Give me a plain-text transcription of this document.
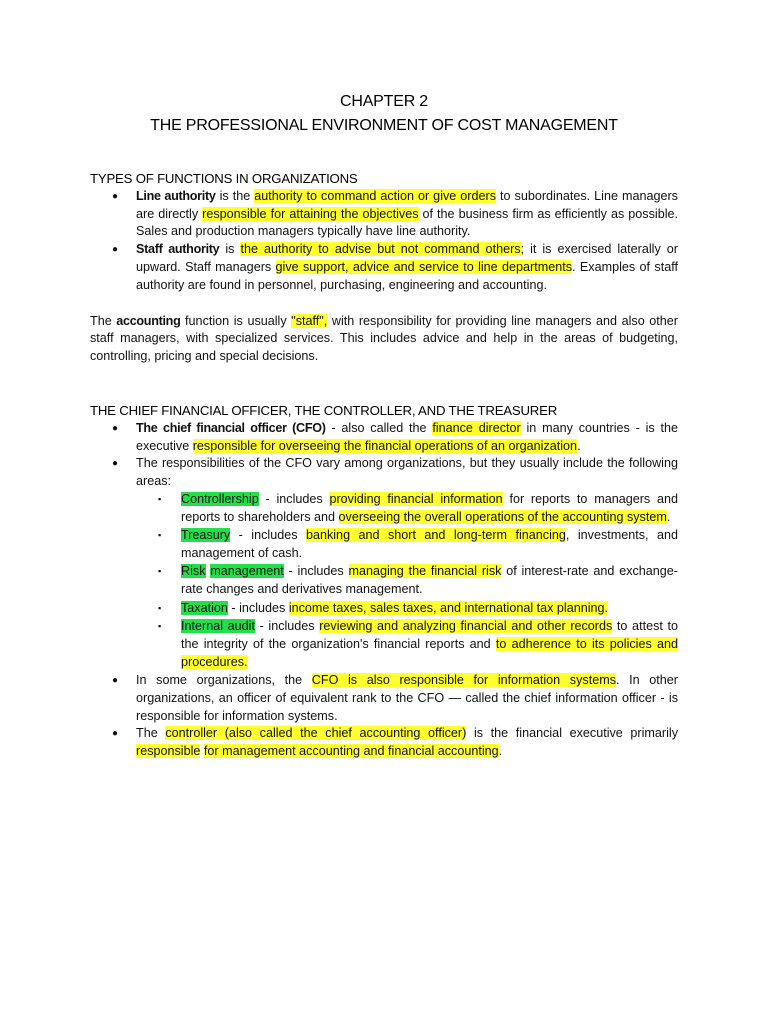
CHAPTER 2
THE PROFESSIONAL ENVIRONMENT OF COST MANAGEMENT
TYPES OF FUNCTIONS IN ORGANIZATIONS
● Line authority is the authority to command action or give orders to subordinates. Line managers are directly responsible for attaining the objectives of the business firm as efficiently as possible. Sales and production managers typically have line authority.
● Staff authority is the authority to advise but not command others; it is exercised laterally or upward. Staff managers give support, advice and service to line departments. Examples of staff authority are found in personnel, purchasing, engineering and accounting.

The accounting function is usually "staff", with responsibility for providing line managers and also other staff managers, with specialized services. This includes advice and help in the areas of budgeting, controlling, pricing and special decisions.

THE CHIEF FINANCIAL OFFICER, THE CONTROLLER, AND THE TREASURER
● The chief financial officer (CFO) - also called the finance director in many countries - is the executive responsible for overseeing the financial operations of an organization.
● The responsibilities of the CFO vary among organizations, but they usually include the following areas:
▪ Controllership - includes providing financial information for reports to managers and reports to shareholders and overseeing the overall operations of the accounting system.
▪ Treasury - includes banking and short and long-term financing, investments, and management of cash.
▪ Risk management - includes managing the financial risk of interest-rate and exchange-rate changes and derivatives management.
▪ Taxation - includes income taxes, sales taxes, and international tax planning.
▪ Internal audit - includes reviewing and analyzing financial and other records to attest to the integrity of the organization's financial reports and to adherence to its policies and procedures.
● In some organizations, the CFO is also responsible for information systems. In other organizations, an officer of equivalent rank to the CFO — called the chief information officer - is responsible for information systems.
● The controller (also called the chief accounting officer) is the financial executive primarily responsible for management accounting and financial accounting.
